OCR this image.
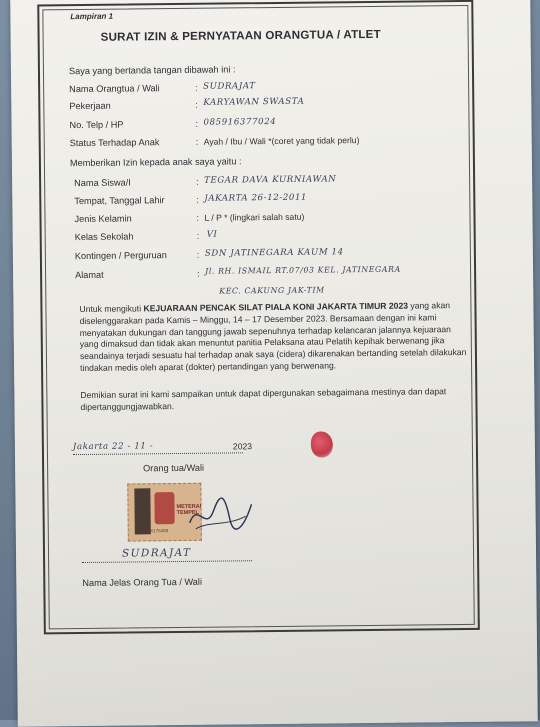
Lampiran 1
SURAT IZIN & PERNYATAAN ORANGTUA / ATLET
Saya yang bertanda tangan dibawah ini :
Nama Orangtua / Wali	: SUDRAJAT
Pekerjaan	: KARYAWAN SWASTA
No. Telp / HP	: 085916377024
Status Terhadap Anak	: Ayah / Ibu / Wali *(coret yang tidak perlu)
Memberikan Izin kepada anak saya yaitu :
Nama Siswa/I	: TEGAR DAVA KURNIAWAN
Tempat, Tanggal Lahir	: JAKARTA 26-12-2011
Jenis Kelamin	: L / P * (lingkari salah satu)
Kelas Sekolah	: VI
Kontingen / Perguruan	: SDN JATINEGARA KAUM 14
Alamat	: Jl. RH. ISMAIL RT.07/03 KEL. JATINEGARA
KEC. CAKUNG JAK-TIM
Untuk mengikuti KEJUARAAN PENCAK SILAT PIALA KONI JAKARTA TIMUR 2023 yang akan diselenggarakan pada Kamis – Minggu, 14 – 17 Desember 2023. Bersamaan dengan ini kami menyatakan dukungan dan tanggung jawab sepenuhnya terhadap kelancaran jalannya kejuaraan yang dimaksud dan tidak akan menuntut panitia Pelaksana atau Pelatih kepihak berwenang jika seandainya terjadi sesuatu hal terhadap anak saya (cidera) dikarenakan bertanding setelah dilakukan tindakan medis oleh aparat (dokter) pertandingan yang berwenang.
Demikian surat ini kami sampaikan untuk dapat dipergunakan sebagaimana mestinya dan dapat dipertanggungjawabkan.
Jakarta 22 - 11 -	2023
Orang tua/Wali
METERAI TEMPEL
A3AKX176459
SUDRAJAT
Nama Jelas Orang Tua / Wali
